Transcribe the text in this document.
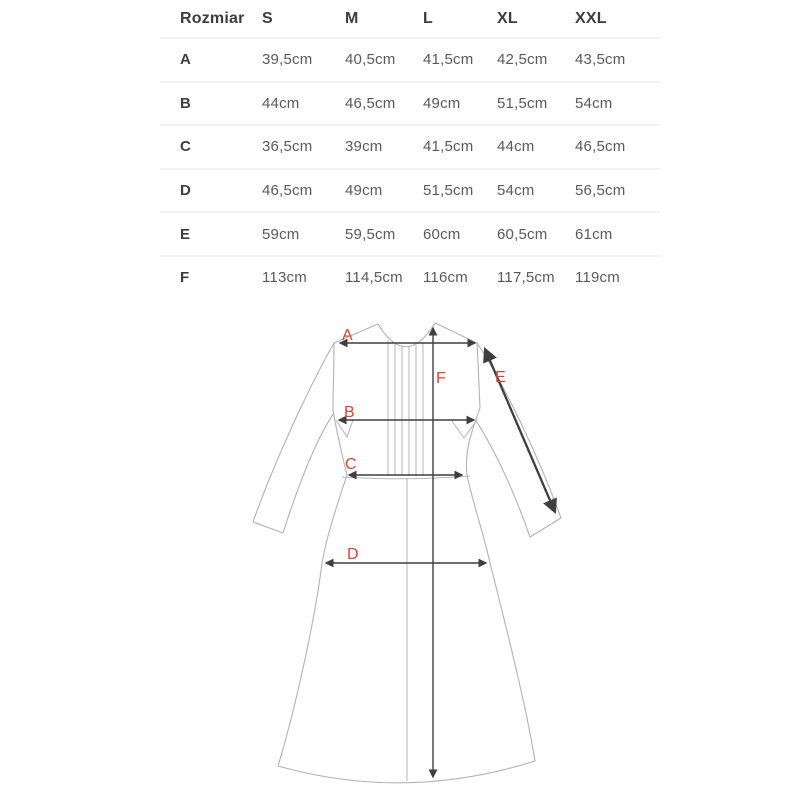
Rozmiar	S	M	L	XL	XXL
A	39,5cm	40,5cm	41,5cm	42,5cm	43,5cm
B	44cm	46,5cm	49cm	51,5cm	54cm
C	36,5cm	39cm	41,5cm	44cm	46,5cm
D	46,5cm	49cm	51,5cm	54cm	56,5cm
E	59cm	59,5cm	60cm	60,5cm	61cm
F	113cm	114,5cm	116cm	117,5cm	119cm
A
B
C
D
E
F
